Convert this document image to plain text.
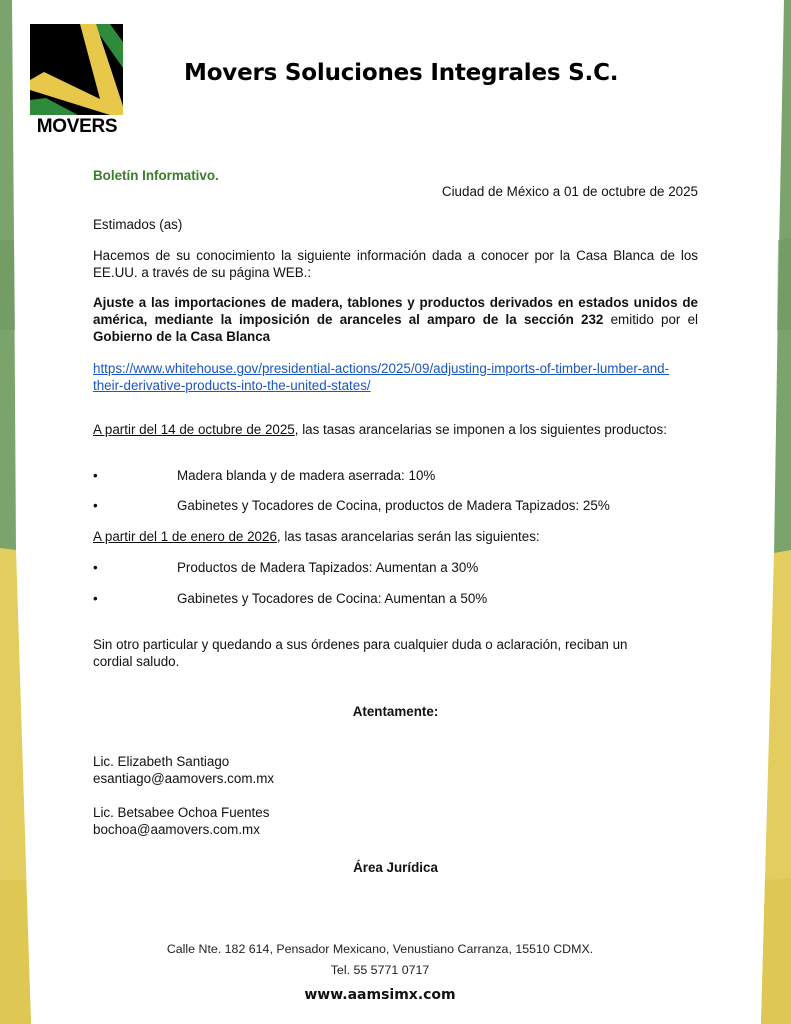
MOVERS
Movers Soluciones Integrales S.C.
Boletín Informativo.
Ciudad de México a 01 de octubre de 2025
Estimados (as)
Hacemos de su conocimiento la siguiente información dada a conocer por la Casa Blanca de los EE.UU. a través de su página WEB.:
Ajuste a las importaciones de madera, tablones y productos derivados en estados unidos de américa, mediante la imposición de aranceles al amparo de la sección 232 emitido por el Gobierno de la Casa Blanca
https://www.whitehouse.gov/presidential-actions/2025/09/adjusting-imports-of-timber-lumber-and-their-derivative-products-into-the-united-states/
A partir del 14 de octubre de 2025, las tasas arancelarias se imponen a los siguientes productos:
•	Madera blanda y de madera aserrada: 10%
•	Gabinetes y Tocadores de Cocina, productos de Madera Tapizados: 25%
A partir del 1 de enero de 2026, las tasas arancelarias serán las siguientes:
•	Productos de Madera Tapizados: Aumentan a 30%
•	Gabinetes y Tocadores de Cocina: Aumentan a 50%
Sin otro particular y quedando a sus órdenes para cualquier duda o aclaración, reciban un cordial saludo.
Atentamente:
Lic. Elizabeth Santiago
esantiago@aamovers.com.mx
Lic. Betsabee Ochoa Fuentes
bochoa@aamovers.com.mx
Área Jurídica
Calle Nte. 182 614, Pensador Mexicano, Venustiano Carranza, 15510 CDMX.
Tel. 55 5771 0717
www.aamsimx.com
